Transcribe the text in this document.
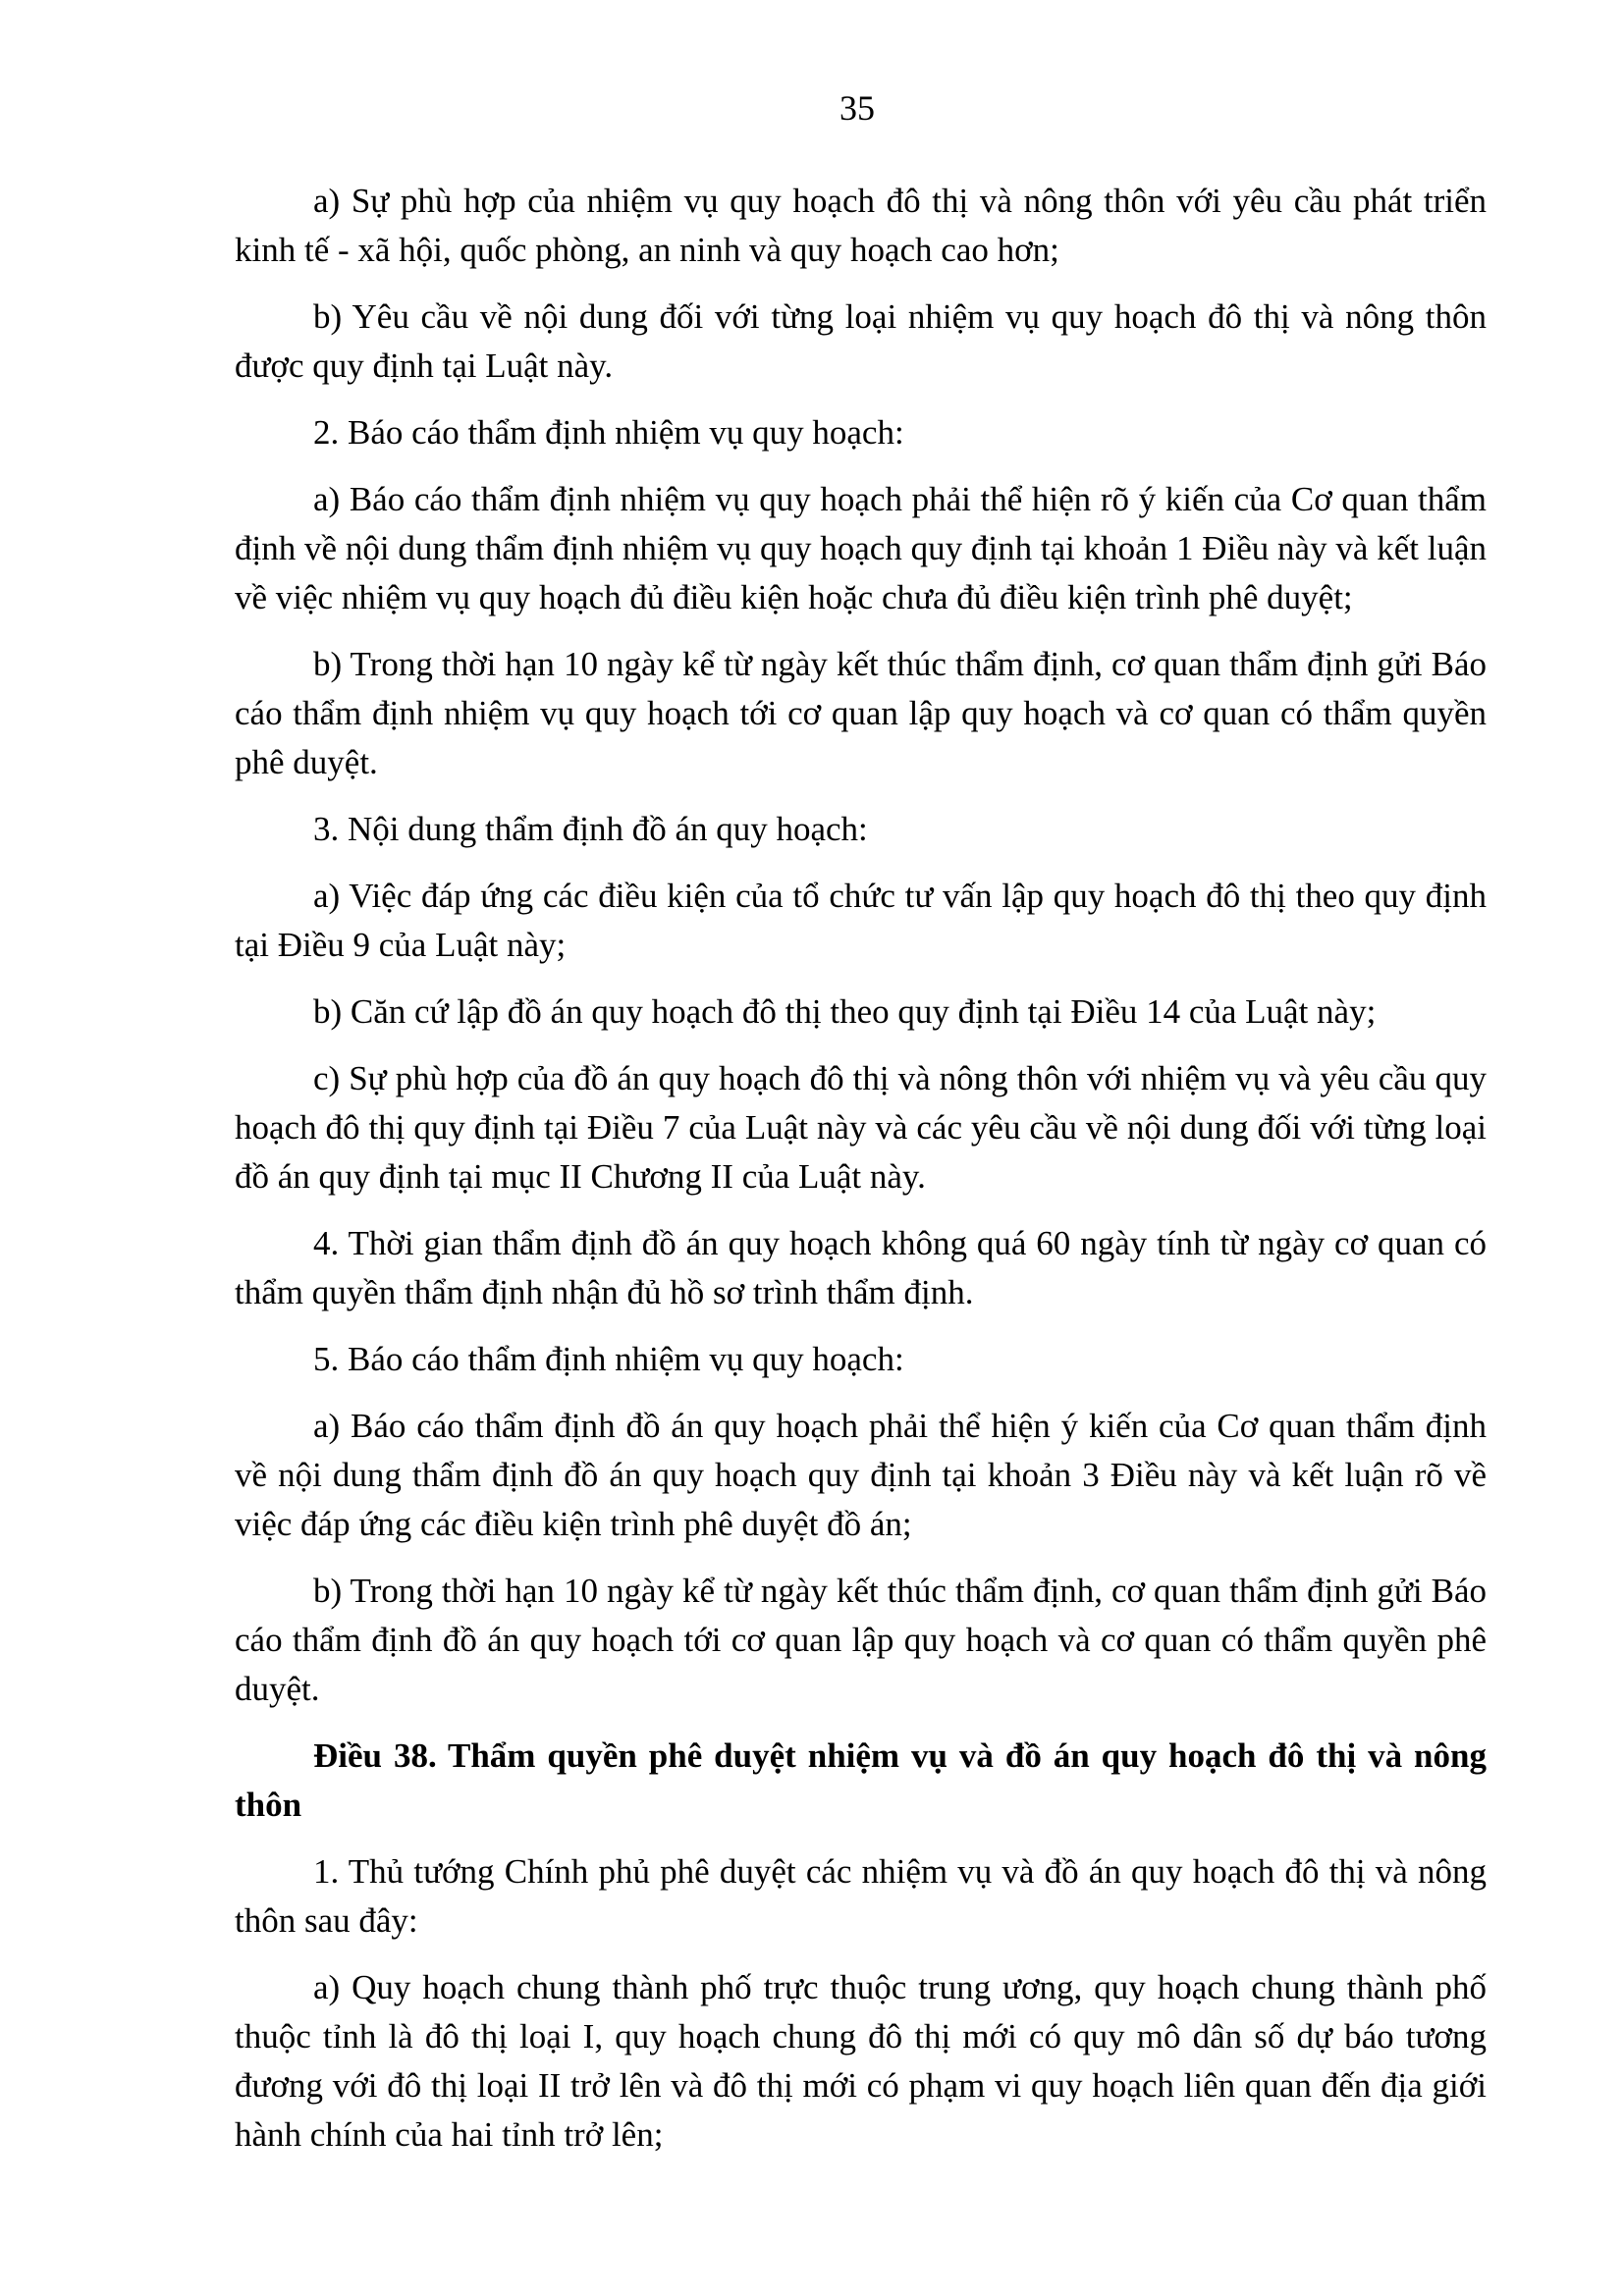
35

a) Sự phù hợp của nhiệm vụ quy hoạch đô thị và nông thôn với yêu cầu phát triển kinh tế - xã hội, quốc phòng, an ninh và quy hoạch cao hơn;

b) Yêu cầu về nội dung đối với từng loại nhiệm vụ quy hoạch đô thị và nông thôn được quy định tại Luật này.

2. Báo cáo thẩm định nhiệm vụ quy hoạch:

a) Báo cáo thẩm định nhiệm vụ quy hoạch phải thể hiện rõ ý kiến của Cơ quan thẩm định về nội dung thẩm định nhiệm vụ quy hoạch quy định tại khoản 1 Điều này và kết luận về việc nhiệm vụ quy hoạch đủ điều kiện hoặc chưa đủ điều kiện trình phê duyệt;

b) Trong thời hạn 10 ngày kể từ ngày kết thúc thẩm định, cơ quan thẩm định gửi Báo cáo thẩm định nhiệm vụ quy hoạch tới cơ quan lập quy hoạch và cơ quan có thẩm quyền phê duyệt.

3. Nội dung thẩm định đồ án quy hoạch:

a) Việc đáp ứng các điều kiện của tổ chức tư vấn lập quy hoạch đô thị theo quy định tại Điều 9 của Luật này;

b) Căn cứ lập đồ án quy hoạch đô thị theo quy định tại Điều 14 của Luật này;

c) Sự phù hợp của đồ án quy hoạch đô thị và nông thôn với nhiệm vụ và yêu cầu quy hoạch đô thị quy định tại Điều 7 của Luật này và các yêu cầu về nội dung đối với từng loại đồ án quy định tại mục II Chương II của Luật này.

4. Thời gian thẩm định đồ án quy hoạch không quá 60 ngày tính từ ngày cơ quan có thẩm quyền thẩm định nhận đủ hồ sơ trình thẩm định.

5. Báo cáo thẩm định nhiệm vụ quy hoạch:

a) Báo cáo thẩm định đồ án quy hoạch phải thể hiện ý kiến của Cơ quan thẩm định về nội dung thẩm định đồ án quy hoạch quy định tại khoản 3 Điều này và kết luận rõ về việc đáp ứng các điều kiện trình phê duyệt đồ án;

b) Trong thời hạn 10 ngày kể từ ngày kết thúc thẩm định, cơ quan thẩm định gửi Báo cáo thẩm định đồ án quy hoạch tới cơ quan lập quy hoạch và cơ quan có thẩm quyền phê duyệt.

Điều 38. Thẩm quyền phê duyệt nhiệm vụ và đồ án quy hoạch đô thị và nông thôn

1. Thủ tướng Chính phủ phê duyệt các nhiệm vụ và đồ án quy hoạch đô thị và nông thôn sau đây:

a) Quy hoạch chung thành phố trực thuộc trung ương, quy hoạch chung thành phố thuộc tỉnh là đô thị loại I, quy hoạch chung đô thị mới có quy mô dân số dự báo tương đương với đô thị loại II trở lên và đô thị mới có phạm vi quy hoạch liên quan đến địa giới hành chính của hai tỉnh trở lên;
